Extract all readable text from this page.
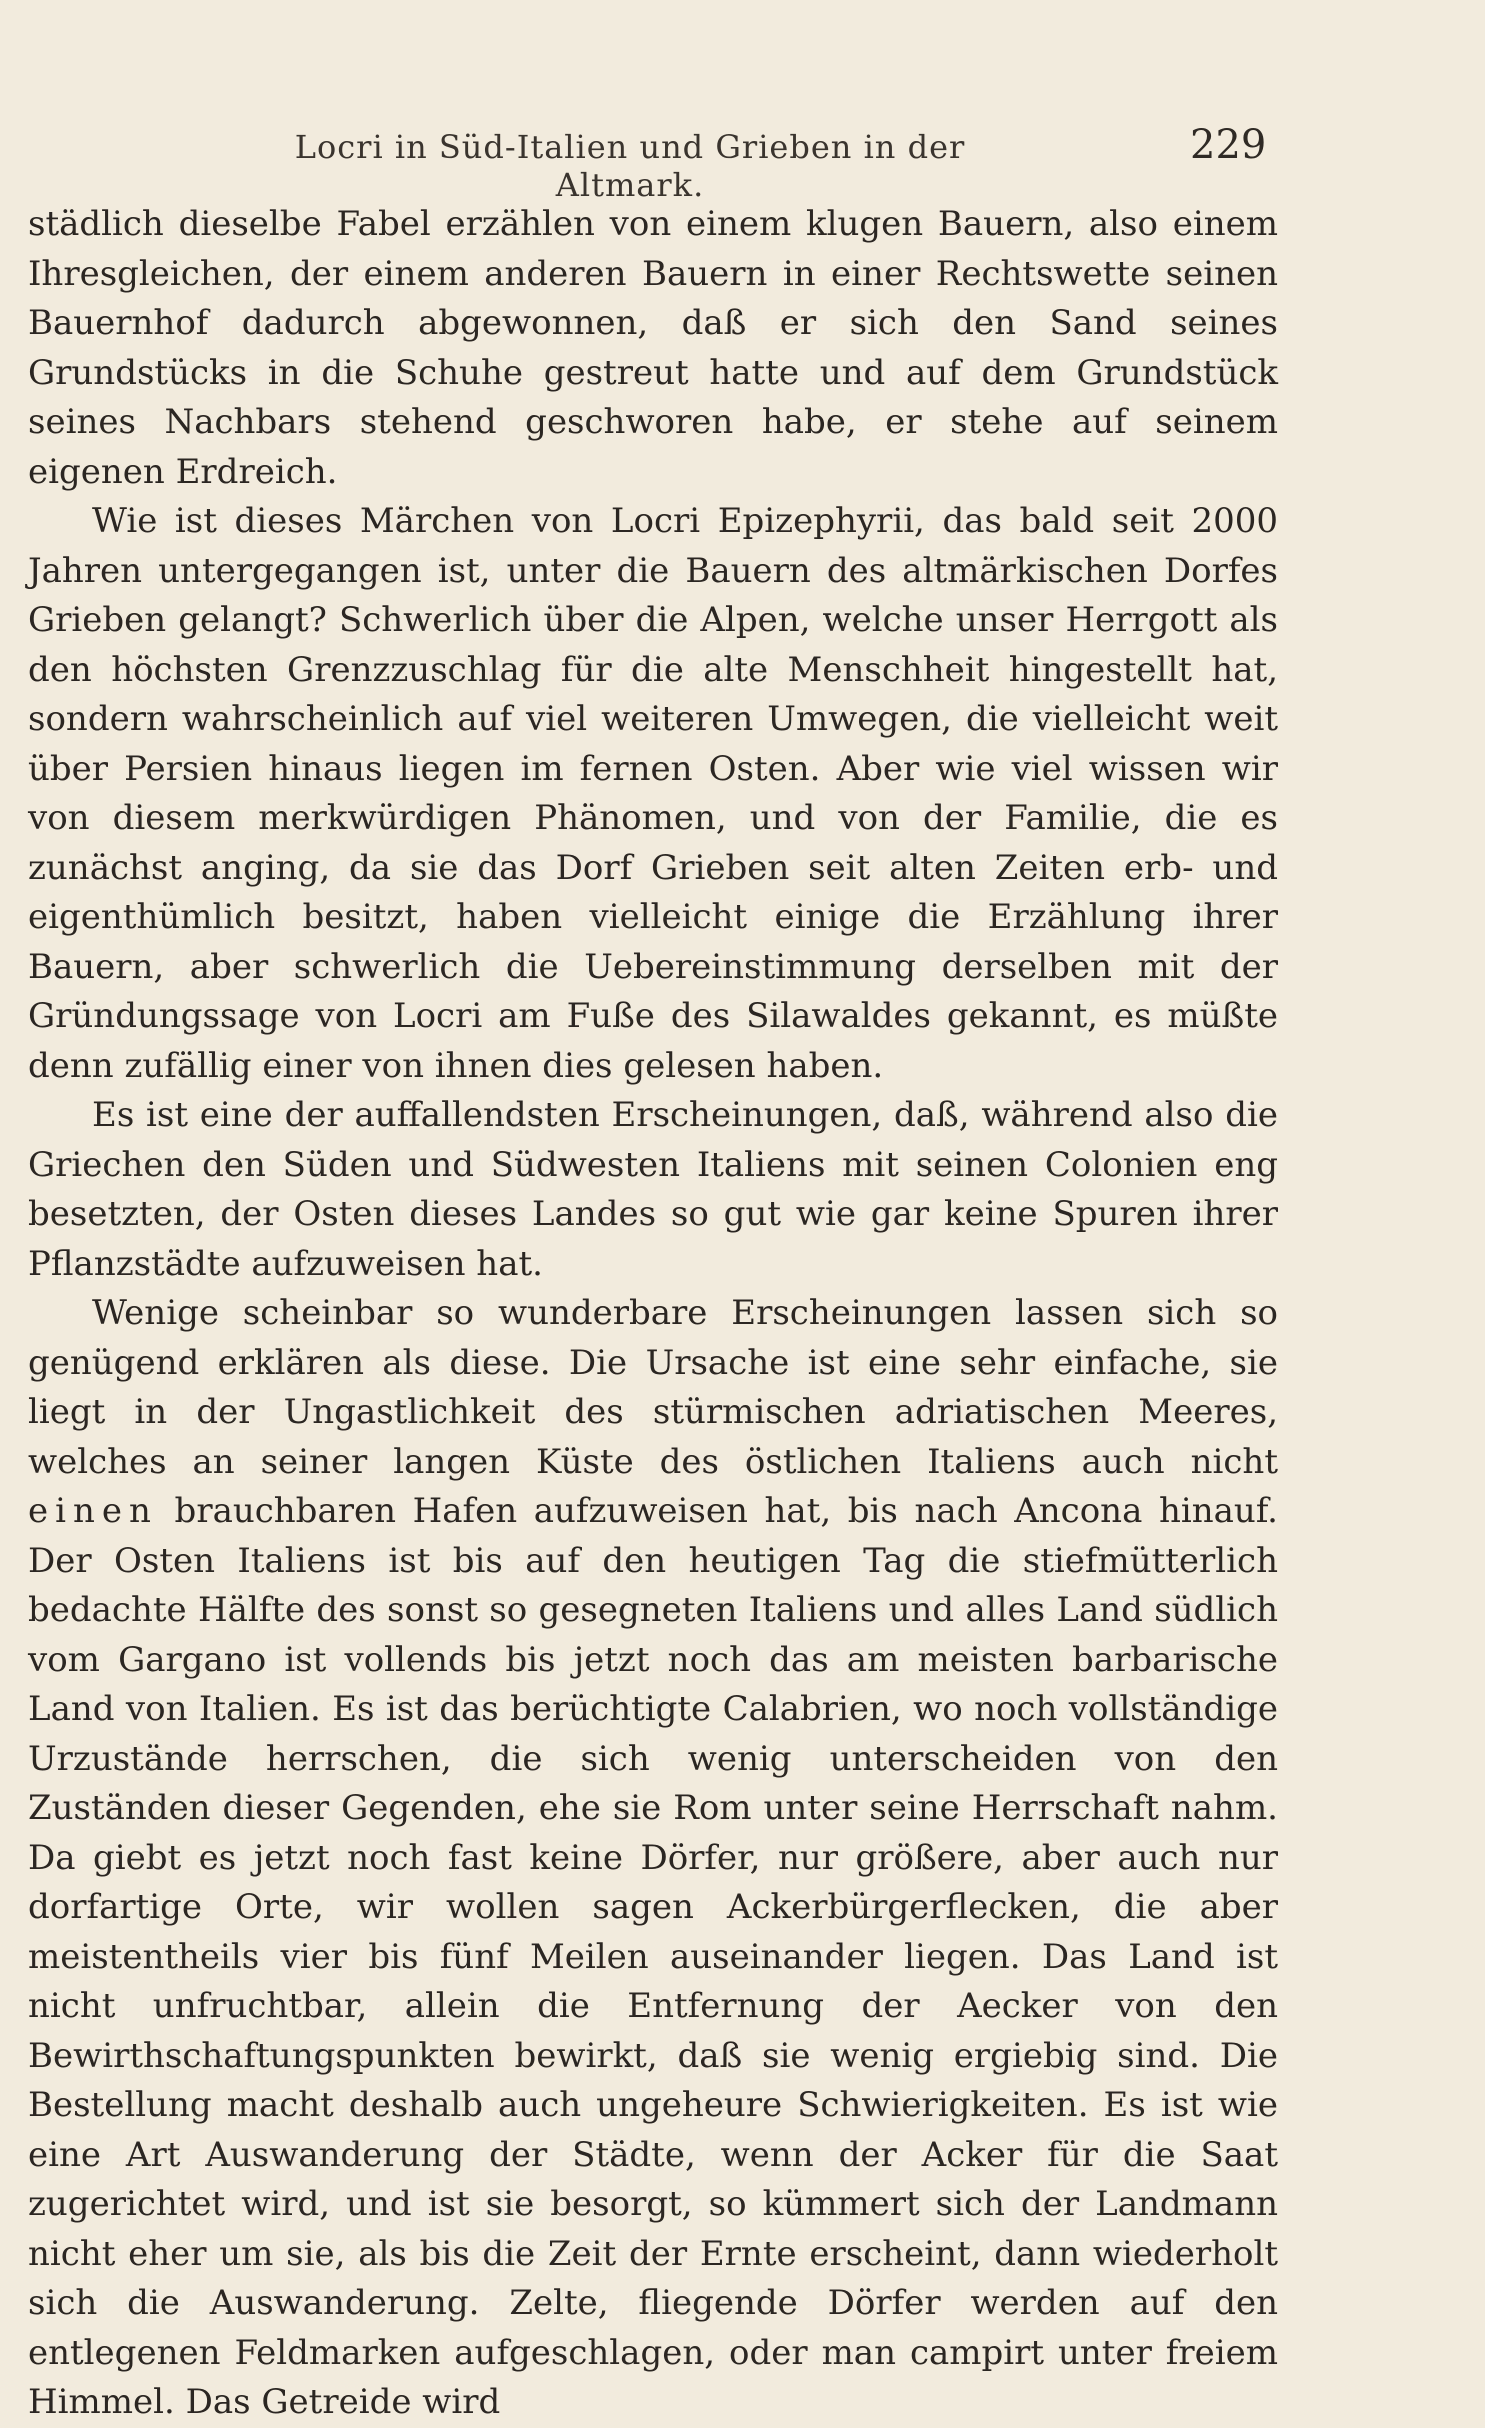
Locri in Süd-Italien und Grieben in der Altmark.
229

städlich dieselbe Fabel erzählen von einem klugen Bauern, also einem Ihresgleichen, der einem anderen Bauern in einer Rechtswette seinen Bauernhof dadurch abgewonnen, daß er sich den Sand seines Grundstücks in die Schuhe gestreut hatte und auf dem Grundstück seines Nachbars stehend geschworen habe, er stehe auf seinem eigenen Erdreich.

Wie ist dieses Märchen von Locri Epizephyrii, das bald seit 2000 Jahren untergegangen ist, unter die Bauern des altmärkischen Dorfes Grieben gelangt? Schwerlich über die Alpen, welche unser Herrgott als den höchsten Grenzzuschlag für die alte Menschheit hingestellt hat, sondern wahrscheinlich auf viel weiteren Umwegen, die vielleicht weit über Persien hinaus liegen im fernen Osten. Aber wie viel wissen wir von diesem merkwürdigen Phänomen, und von der Familie, die es zunächst anging, da sie das Dorf Grieben seit alten Zeiten erb- und eigenthümlich besitzt, haben vielleicht einige die Erzählung ihrer Bauern, aber schwerlich die Uebereinstimmung derselben mit der Gründungssage von Locri am Fuße des Silawaldes gekannt, es müßte denn zufällig einer von ihnen dies gelesen haben.

Es ist eine der auffallendsten Erscheinungen, daß, während also die Griechen den Süden und Südwesten Italiens mit seinen Colonien eng besetzten, der Osten dieses Landes so gut wie gar keine Spuren ihrer Pflanzstädte aufzuweisen hat.

Wenige scheinbar so wunderbare Erscheinungen lassen sich so genügend erklären als diese. Die Ursache ist eine sehr einfache, sie liegt in der Ungastlichkeit des stürmischen adriatischen Meeres, welches an seiner langen Küste des östlichen Italiens auch nicht einen brauchbaren Hafen aufzuweisen hat, bis nach Ancona hinauf. Der Osten Italiens ist bis auf den heutigen Tag die stiefmütterlich bedachte Hälfte des sonst so gesegneten Italiens und alles Land südlich vom Gargano ist vollends bis jetzt noch das am meisten barbarische Land von Italien. Es ist das berüchtigte Calabrien, wo noch vollständige Urzustände herrschen, die sich wenig unterscheiden von den Zuständen dieser Gegenden, ehe sie Rom unter seine Herrschaft nahm. Da giebt es jetzt noch fast keine Dörfer, nur größere, aber auch nur dorfartige Orte, wir wollen sagen Ackerbürgerflecken, die aber meistentheils vier bis fünf Meilen auseinander liegen. Das Land ist nicht unfruchtbar, allein die Entfernung der Aecker von den Bewirthschaftungspunkten bewirkt, daß sie wenig ergiebig sind. Die Bestellung macht deshalb auch ungeheure Schwierigkeiten. Es ist wie eine Art Auswanderung der Städte, wenn der Acker für die Saat zugerichtet wird, und ist sie besorgt, so kümmert sich der Landmann nicht eher um sie, als bis die Zeit der Ernte erscheint, dann wiederholt sich die Auswanderung. Zelte, fliegende Dörfer werden auf den entlegenen Feldmarken aufgeschlagen, oder man campirt unter freiem Himmel. Das Getreide wird
